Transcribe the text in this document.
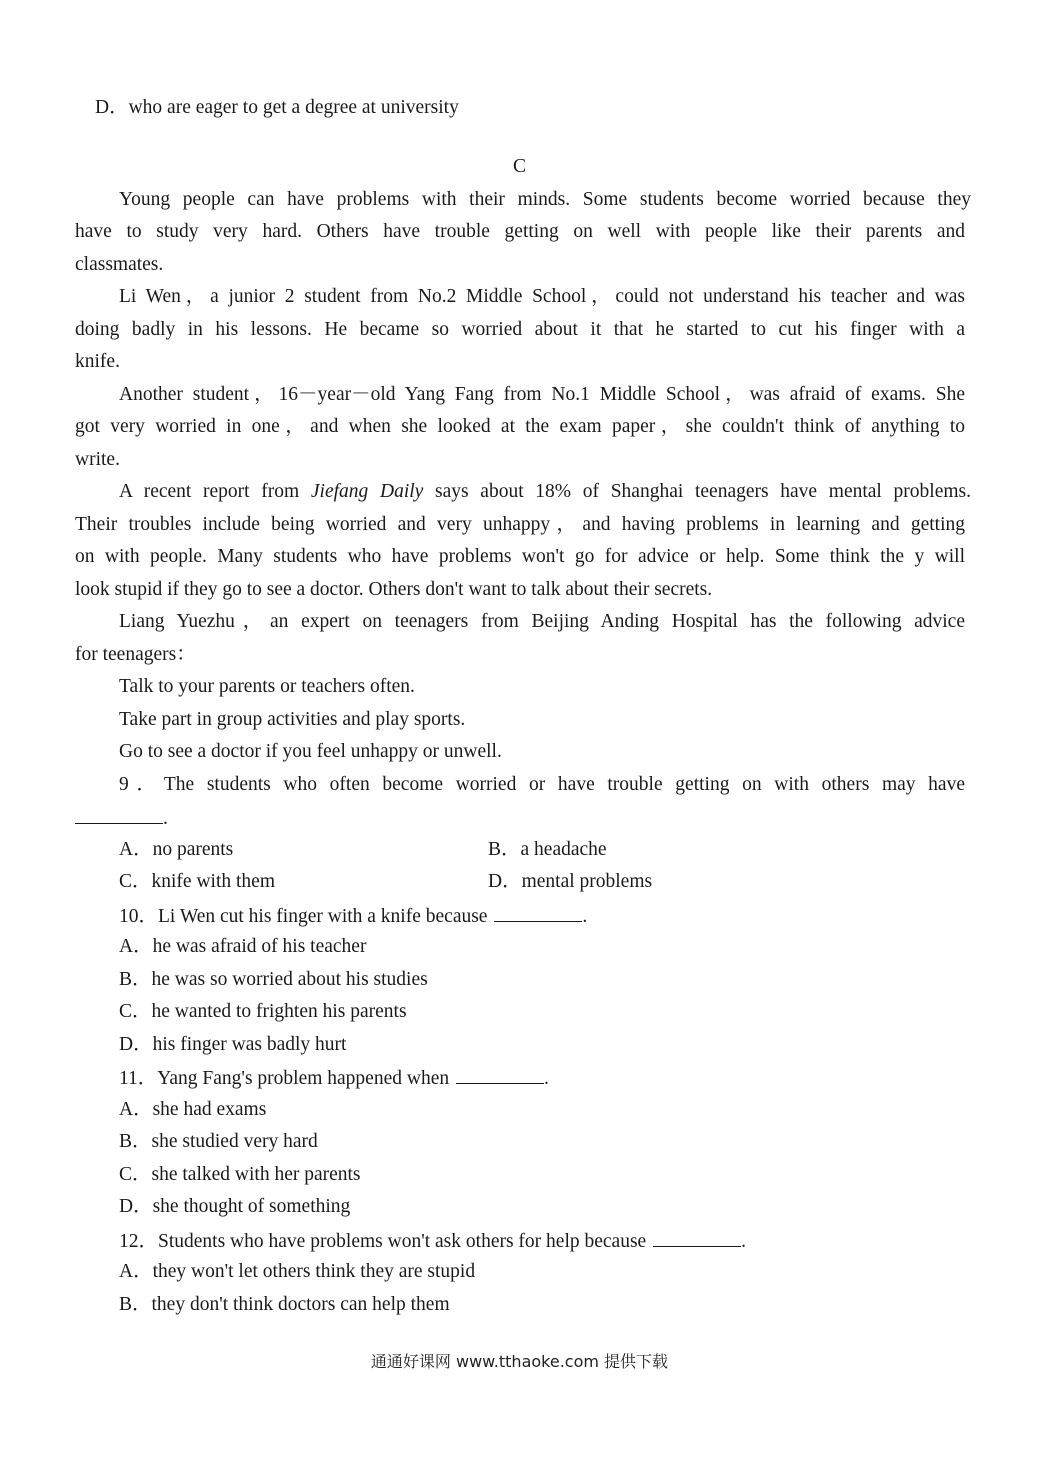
D．who are eager to get a degree at university
C
Young people can have problems with their minds. Some students become worried because they
have to study very hard. Others have trouble getting on well with people like their parents and
classmates.
Li Wen，a junior 2 student from No.2 Middle School，could not understand his teacher and was
doing badly in his lessons. He became so worried about it that he started to cut his finger with a
knife.
Another student，16－year－old Yang Fang from No.1 Middle School，was afraid of exams. She
got very worried in one，and when she looked at the exam paper，she couldn't think of anything to
write.
A recent report from Jiefang Daily says about 18% of Shanghai teenagers have mental problems.
Their troubles include being worried and very unhappy，and having problems in learning and getting
on with people. Many students who have problems won't go for advice or help. Some think the y will
look stupid if they go to see a doctor. Others don't want to talk about their secrets.
Liang Yuezhu，an expert on teenagers from Beijing Anding Hospital has the following advice
for teenagers：
Talk to your parents or teachers often.
Take part in group activities and play sports.
Go to see a doctor if you feel unhappy or unwell.
9．The students who often become worried or have trouble getting on with others may have
.
A．no parents	B．a headache
C．knife with them	D．mental problems
10．Li Wen cut his finger with a knife because	.
A．he was afraid of his teacher
B．he was so worried about his studies
C．he wanted to frighten his parents
D．his finger was badly hurt
11．Yang Fang's problem happened when	.
A．she had exams
B．she studied very hard
C．she talked with her parents
D．she thought of something
12．Students who have problems won't ask others for help because	.
A．they won't let others think they are stupid
B．they don't think doctors can help them
通通好课网 www.tthaoke.com 提供下载
